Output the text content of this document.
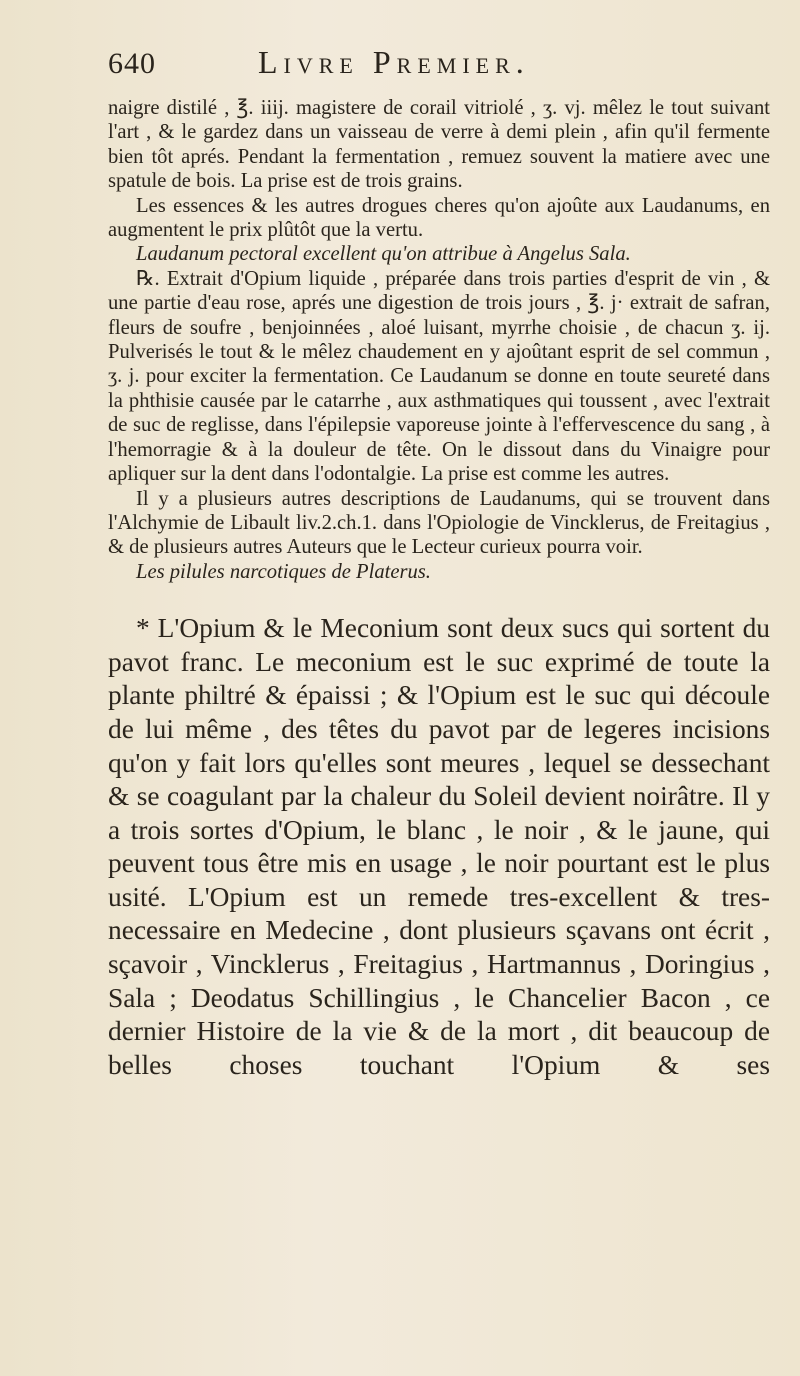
640	Livre Premier.

naigre distilé , ℥. iiij. magistere de corail vitriolé , ʒ. vj. mêlez le tout suivant l'art , & le gardez dans un vaisseau de verre à demi plein , afin qu'il fermente bien tôt aprés. Pendant la fermentation , remuez souvent la matiere avec une spatule de bois. La prise est de trois grains.

Les essences & les autres drogues cheres qu'on ajoûte aux Laudanums, en augmentent le prix plûtôt que la vertu.

Laudanum pectoral excellent qu'on attribue à Angelus Sala.

℞. Extrait d'Opium liquide , préparée dans trois parties d'esprit de vin , & une partie d'eau rose, aprés une digestion de trois jours , ℥. j· extrait de safran, fleurs de soufre , benjoinnées , aloé luisant, myrrhe choisie , de chacun ʒ. ij. Pulverisés le tout & le mêlez chaudement en y ajoûtant esprit de sel commun , ʒ. j. pour exciter la fermentation. Ce Laudanum se donne en toute seureté dans la phthisie causée par le catarrhe , aux asthmatiques qui toussent , avec l'extrait de suc de reglisse, dans l'épilepsie vaporeuse jointe à l'effervescence du sang , à l'hemorragie & à la douleur de tête. On le dissout dans du Vinaigre pour apliquer sur la dent dans l'odontalgie. La prise est comme les autres.

Il y a plusieurs autres descriptions de Laudanums, qui se trouvent dans l'Alchymie de Libault liv.2.ch.1. dans l'Opiologie de Vincklerus, de Freitagius , & de plusieurs autres Auteurs que le Lecteur curieux pourra voir.

Les pilules narcotiques de Platerus.

* L'Opium & le Meconium sont deux sucs qui sortent du pavot franc. Le meconium est le suc exprimé de toute la plante philtré & épaissi ; & l'Opium est le suc qui découle de lui même , des têtes du pavot par de legeres incisions qu'on y fait lors qu'elles sont meures , lequel se dessechant & se coagulant par la chaleur du Soleil devient noirâtre. Il y a trois sortes d'Opium, le blanc , le noir , & le jaune, qui peuvent tous être mis en usage , le noir pourtant est le plus usité. L'Opium est un remede tres-excellent & tres-necessaire en Medecine , dont plusieurs sçavans ont écrit , sçavoir , Vincklerus , Freitagius , Hartmannus , Doringius , Sala ; Deodatus Schillingius , le Chancelier Bacon , ce dernier Histoire de la vie & de la mort , dit beaucoup de belles choses touchant l'Opium & ses
